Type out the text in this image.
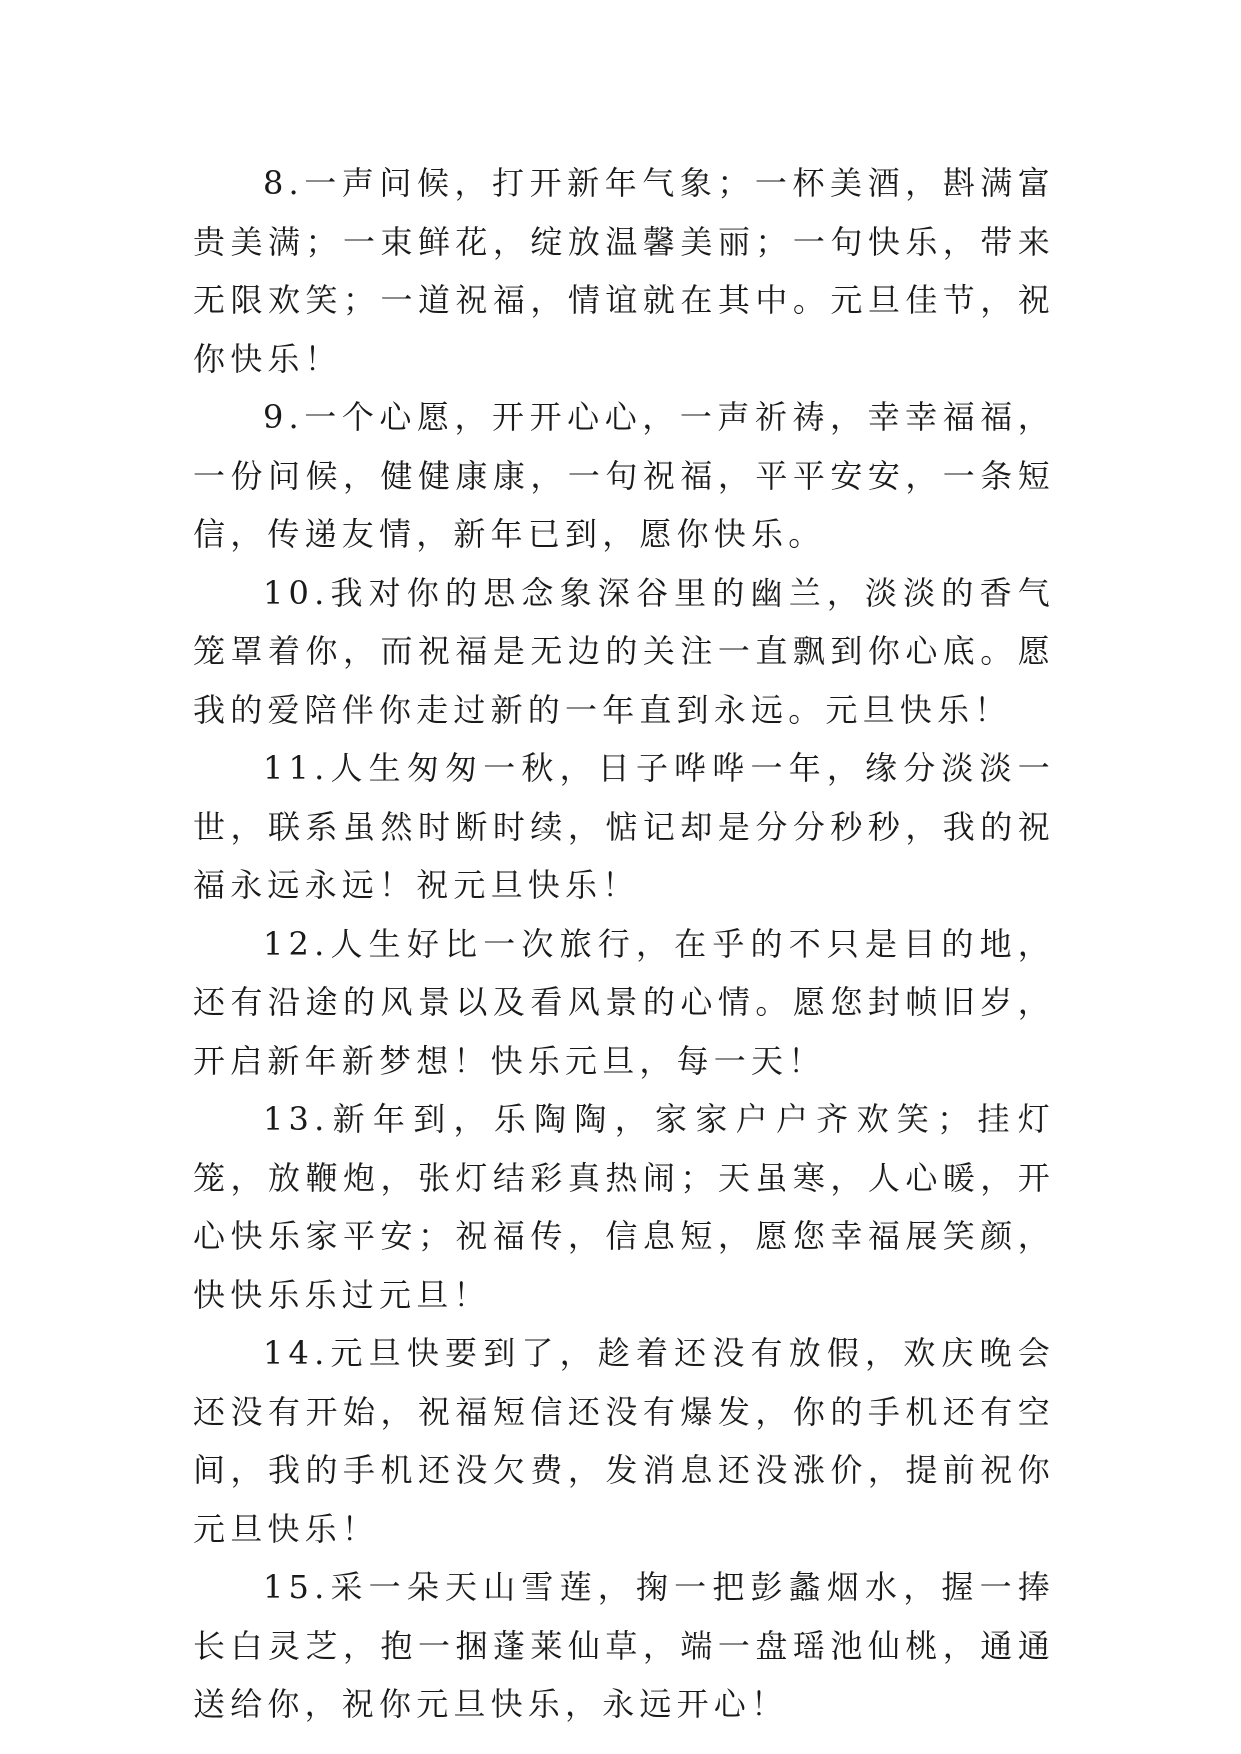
8.一声问候，打开新年气象；一杯美酒，斟满富贵美满；一束鲜花，绽放温馨美丽；一句快乐，带来无限欢笑；一道祝福，情谊就在其中。元旦佳节，祝你快乐！

9.一个心愿，开开心心，一声祈祷，幸幸福福，一份问候，健健康康，一句祝福，平平安安，一条短信，传递友情，新年已到，愿你快乐。

10.我对你的思念象深谷里的幽兰，淡淡的香气笼罩着你，而祝福是无边的关注一直飘到你心底。愿我的爱陪伴你走过新的一年直到永远。元旦快乐！

11.人生匆匆一秋，日子哗哗一年，缘分淡淡一世，联系虽然时断时续，惦记却是分分秒秒，我的祝福永远永远！祝元旦快乐！

12.人生好比一次旅行，在乎的不只是目的地，还有沿途的风景以及看风景的心情。愿您封帧旧岁，开启新年新梦想！快乐元旦，每一天！

13.新年到，乐陶陶，家家户户齐欢笑；挂灯笼，放鞭炮，张灯结彩真热闹；天虽寒，人心暖，开心快乐家平安；祝福传，信息短，愿您幸福展笑颜，快快乐乐过元旦！

14.元旦快要到了，趁着还没有放假，欢庆晚会还没有开始，祝福短信还没有爆发，你的手机还有空间，我的手机还没欠费，发消息还没涨价，提前祝你元旦快乐！

15.采一朵天山雪莲，掬一把彭蠡烟水，握一捧长白灵芝，抱一捆蓬莱仙草，端一盘瑶池仙桃，通通送给你，祝你元旦快乐，永远开心！
